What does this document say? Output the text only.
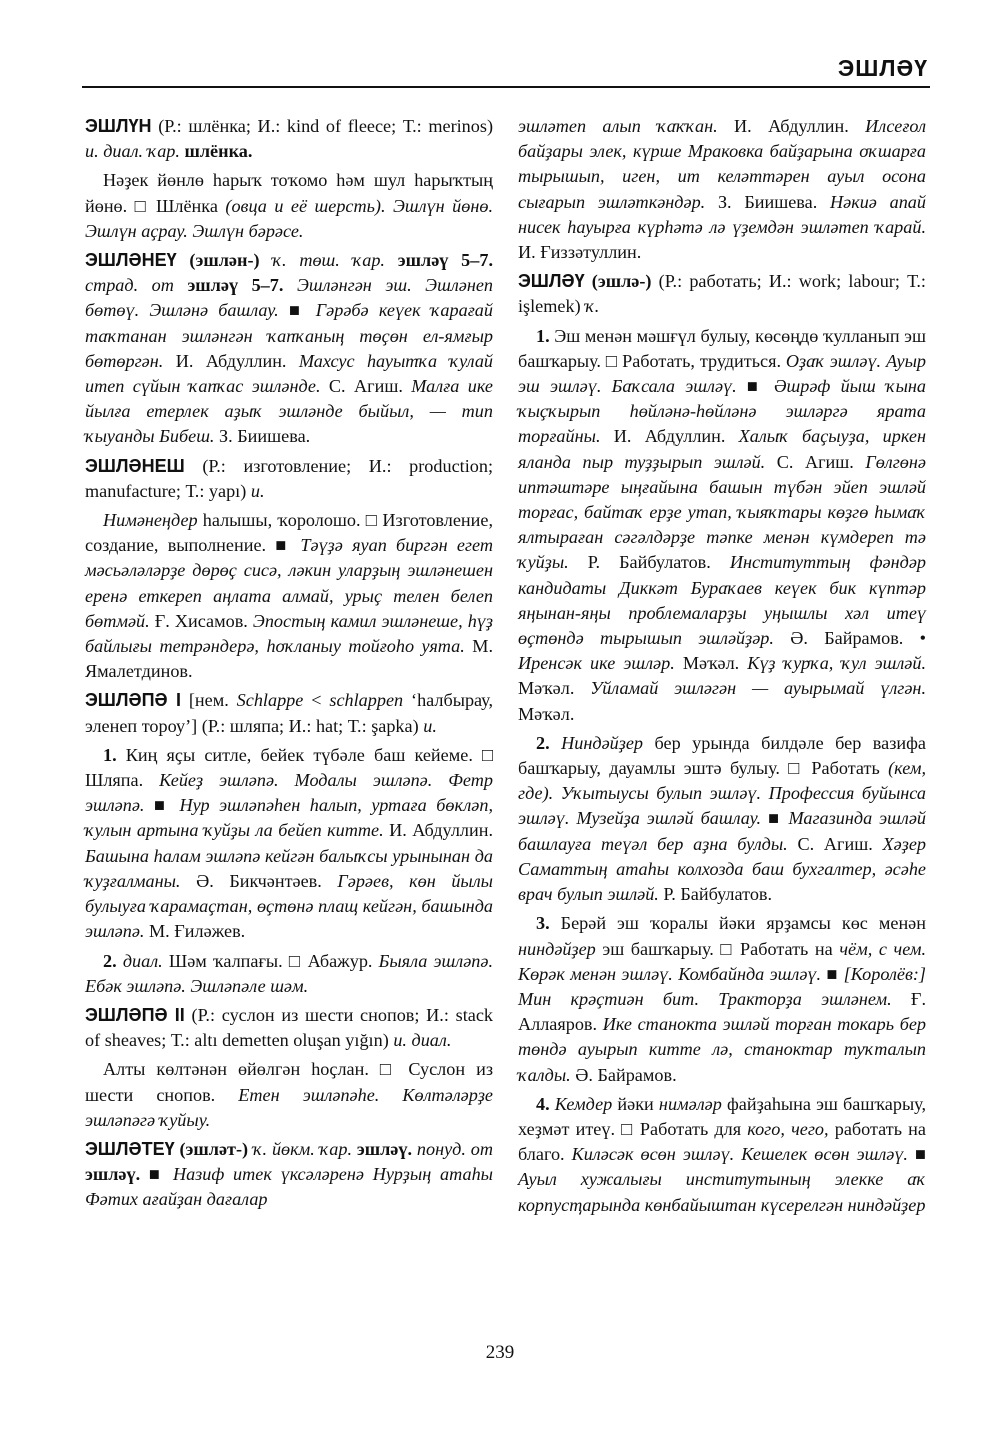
ЭШЛӘҮ
ЭШЛҮН (Р.: шлёнка; И.: kind of fleece; Т.: merinos) и. диал. ҡар. шлёнка.
Нәҙек йөнлө һарыҡ тоҡомо һәм шул һарыҡтың йөнө. □ Шлёнка (овца и её шерсть). Эшлүн йөнө. Эшлүн аҫрау. Эшлүн бәрәсе.
ЭШЛӘНЕҮ (эшлән-) ҡ. төш. ҡар. эшләү 5–7. страд. от эшләү 5–7. Эшләнгән эш. Эшләнеп бөтөү. Эшләнә башлау. ■ Гәрәбә кеүек ҡарағай таҡтанан эшләнгән ҡапҡаның төҫөн ел-ямғыр бөтөргән. И. Абдуллин. Махсус һауытҡа ҡулай итеп сүйын ҡапҡас эшләнде. С. Агиш. Малға ике йылға етерлек аҙыҡ эшләнде быйыл, — тип ҡыуанды Бибеш. З. Биишева.
ЭШЛӘНЕШ (Р.: изготовление; И.: production; manufacture; Т.: yapı) и.
Нимәнеңдер һалышы, ҡоролошо. □ Изготовление, создание, выполнение. ■ Тәүҙә яуап биргән егет мәсьәләләрҙе дөрөҫ сисә, ләкин уларҙың эшләнешен еренә еткереп аңлата алмай, урыҫ телен белеп бөтмәй. Ғ. Хисамов. Эпостың камил эшләнеше, һүҙ байлығы тетрәндерә, һоҡланыу тойғоһо уята. М. Ямалетдинов.
ЭШЛӘПӘ I [нем. Schlappe < schlappen ‘һалбырау, эленеп тороу’] (Р.: шляпа; И.: hat; Т.: şapka) и.
1. Киң яҫы ситле, бейек түбәле баш кейеме. □ Шляпа. Кейеҙ эшләпә. Модалы эшләпә. Фетр эшләпә. ■ Нур эшләпәһен һалып, уртаға бөкләп, ҡулын артына ҡуйҙы ла бейеп китте. И. Абдуллин. Башына һалам эшләпә кейгән балыҡсы урынынан да ҡуҙғалманы. Ә. Бикчәнтәев. Гәрәев, көн йылы булыуға ҡарамаҫтан, өҫтөнә плащ кейгән, башында эшләпә. М. Ғиләжев.
2. диал. Шәм ҡалпағы. □ Абажур. Быяла эшләпә. Ебәк эшләпә. Эшләпәле шәм.
ЭШЛӘПӘ II (Р.: суслон из шести снопов; И.: stack of sheaves; Т.: altı demetten oluşan yığın) и. диал.
Алты көлтәнән өйөлгән һоҫлан. □ Суслон из шести снопов. Етен эшләпәһе. Көлтәләрҙе эшләпәгә ҡуйыу.
ЭШЛӘТЕҮ (эшләт-) ҡ. йөкм. ҡар. эшләү. понуд. от эшләү. ■ Назиф итек үксәләренә Нурҙың атаһы Фәтих ағайҙан дағалар
эшләтеп алып ҡаҡҡан. И. Абдуллин. Илсеғол байҙары элек, күрше Мраковка байҙарына оҡшарға тырышып, иген, ит келәттәрен ауыл осона сығарып эшләткәндәр. З. Биишева. Нәкиә апай нисек һауырға күрһәтә лә үҙемдән эшләтеп ҡарай. И. Ғиззәтуллин.
ЭШЛӘҮ (эшлә-) (Р.: работать; И.: work; labour; Т.: işlemek) ҡ.
1. Эш менән мәшғүл булыу, көсөңдө ҡулланып эш башҡарыу. □ Работать, трудиться. Оҙаҡ эшләү. Ауыр эш эшләү. Баҡсала эшләү. ■ Әшрәф йыш ҡына ҡыҫҡырып һөйләнә-һөйләнә эшләргә ярата торғайны. И. Абдуллин. Халыҡ баҫыуҙа, иркен яланда пыр туҙҙырып эшләй. С. Агиш. Гөлгөнә иптәштәре ыңғайына башын түбән эйеп эшләй торғас, байтаҡ ерҙе утап, ҡыяҡтары көҙгө һымаҡ ялтыраған сәгәлдәрҙе тәпке менән күмдереп тә ҡуйҙы. Р. Байбулатов. Институттың фәндәр кандидаты Диккәт Бураҡаев кеүек бик күптәр яңынан-яңы проблемаларҙы уңышлы хәл итеү өҫтөндә тырышып эшләйҙәр. Ә. Байрамов. • Иренсәк ике эшләр. Мәҡәл. Күҙ ҡурҡа, ҡул эшләй. Мәҡәл. Уйламай эшләгән — ауырымай үлгән. Мәҡәл.
2. Ниндәйҙер бер урында билдәле бер вазифа башҡарыу, дауамлы эштә булыу. □ Работать (кем, где). Уҡытыусы булып эшләү. Профессия буйынса эшләү. Музейҙа эшләй башлау. ■ Магазинда эшләй башлауға теүәл бер аҙна булды. С. Агиш. Хәҙер Саматтың атаһы колхозда баш бухгалтер, әсәһе врач булып эшләй. Р. Байбулатов.
3. Берәй эш ҡоралы йәки ярҙамсы көс менән ниндәйҙер эш башҡарыу. □ Работать на чём, с чем. Көрәк менән эшләү. Комбайнда эшләү. ■ [Королёв:] Мин крәҫтиән бит. Тракторҙа эшләнем. Ғ. Аллаяров. Ике станокта эшләй торған токарь бер төндә ауырып китте лә, станоктар туҡталып ҡалды. Ә. Байрамов.
4. Кемдер йәки нимәләр файҙаһына эш башҡарыу, хеҙмәт итеү. □ Работать для кого, чего, работать на благо. Киләсәк өсөн эшләү. Кешелек өсөн эшләү. ■ Ауыл хужалығы институтының элекке аҡ корпусҭарында көнбайыштан күсерелгән ниндәйҙер
239
